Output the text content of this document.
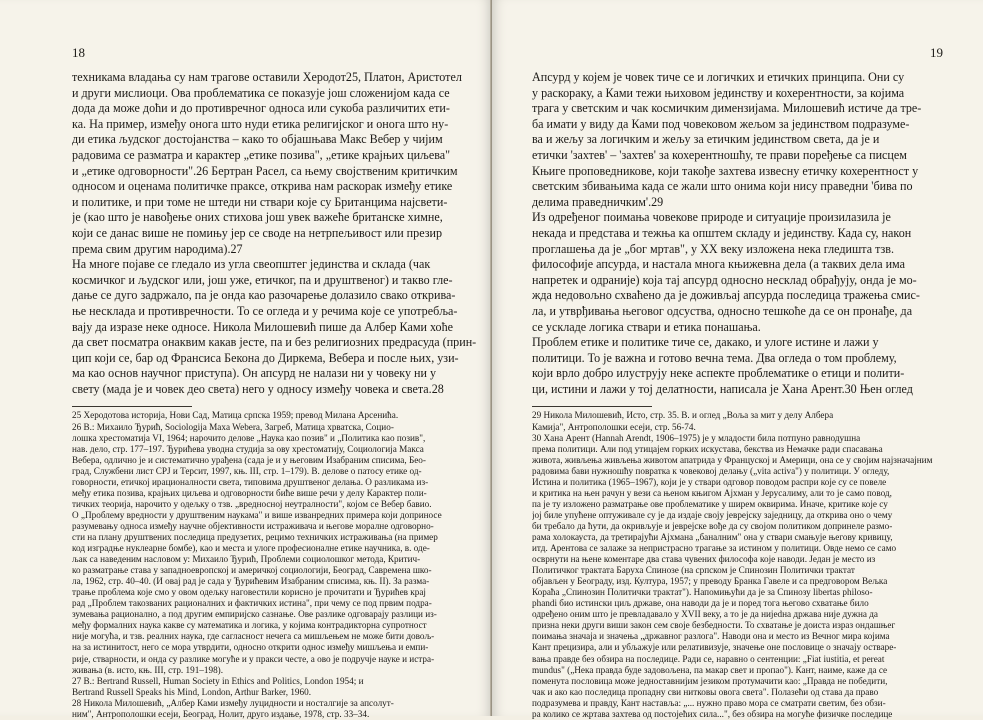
18
техникама владања су нам трагове оставили Херодот25, Платон, Аристотел
и други мислиоци. Ова проблематика се показује још сложенијом када се
дода да може доћи и до противречног односа или сукоба различитих ети-
ка. На пример, између онога што нуди етика религијског и онога што ну-
ди етика људског достојанства – како то објашњава Макс Вебер у чијим
радовима се разматра и карактер „етике позива", „етике крајњих циљева"
и „етике одговорности".26 Бертран Расел, са њему својственим критичким
односом и оценама политичке праксе, открива нам раскорак између етике
и политике, и при томе не штеди ни ствари које су Британцима најсвети-
је (као што је навођење оних стихова још увек важеће британске химне,
који се данас више не помињу јер се своде на нетрпељивост или презир
према свим другим народима).27
На многе појаве се гледало из угла свеопштег јединства и склада (чак
космичког и људског или, још уже, етичког, па и друштвеног) и такво гле-
дање се дуго задржало, па је онда као разочарење долазило свако открива-
ње несклада и противречности. То се огледа и у речима које се употребља-
вају да изразе неке односе. Никола Милошевић пише да Албер Ками хоће
да свет посматра онаквим какав јесте, па и без религиозних предрасуда (прин-
цип који се, бар од Франсиса Бекона до Диркема, Вебера и после њих, узи-
ма као основ научног приступа). Он апсурд не налази ни у човеку ни у
свету (мада је и човек део света) него у односу између човека и света.28
25 Херодотова историја, Нови Сад, Матица српска 1959; превод Милана Арсенића.
26 В.: Михаило Ђурић, Sociologija Maxa Webera, Загреб, Матица хрватска, Социо-
лошка хрестоматија VI, 1964; нарочито делове „Наука као позив" и „Политика као позив",
нав. дело, стр. 177–197. Ђурићева уводна студија за ову хрестоматију, Социологија Макса
Вебера, одлично је и систематично урађена (сада је и у његовим Изабраним списима, Бео-
град, Службени лист СРЈ и Терсит, 1997, књ. III, стр. 1–179). В. делове о патосу етике од-
говорности, етичкој ирационалности света, типовима друштвеног делања. О разликама из-
међу етика позива, крајњих циљева и одговорности биће више речи у делу Карактер поли-
тичких теорија, нарочито у одељку о тзв. „вредносној неутралности", којом се Вебер бавио.
О „Проблему вредности у друштвеним наукама" и више изванредних примера који доприносе
разумевању односа између научне објективности истраживача и његове моралне одговорно-
сти на плану друштвених последица предузетих, рецимо техничких истраживања (на пример
код изградње нуклеарне бомбе), као и места и улоге професионалне етике научника, в. оде-
љак са наведеним насловом у: Михаило Ђурић, Проблеми социолошког метода, Критич-
ко разматрање става у западноевропској и америчкој социологији, Београд, Савремена шко-
ла, 1962, стр. 40–40. (И овај рад је сада у Ђурићевим Изабраним списима, књ. II). За разма-
трање проблема које смо у овом одељку наговестили корисно је прочитати и Ђурићев крај
рад „Проблем такозваних рационалних и фактичких истина", при чему се под првим подра-
зумевања рационално, а под другим емпиријско сазнање. Ове разлике одговарају разлици из-
међу формалних наука какве су математика и логика, у којима контрадикторна супротност
није могућа, и тзв. реалних наука, где сагласност нечега са мишљењем не може бити довољ-
на за истинитост, него се мора утврдити, односно открити однос између мишљења и емпи-
рије, стварности, и онда су разлике могуће и у пракси честе, а ово је подручје науке и истра-
живања (в. исто, књ. III, стр. 191–198).
27 В.: Bertrand Russell, Human Society in Ethics and Politics, London 1954; и
Bertrand Russell Speaks his Mind, London, Arthur Barker, 1960.
28 Никола Милошевић, „Албер Ками између луцидности и носталгије за апсолут-
ним", Антрополошки есеји, Београд, Нолит, друго издање, 1978, стр. 33–34.
19
Апсурд у којем је човек тиче се и логичких и етичких принципа. Они су
у раскораку, а Ками тежи њиховом јединству и кохерентности, за којима
трага у светским и чак космичким димензијама. Милошевић истиче да тре-
ба имати у виду да Ками под човековом жељом за јединством подразуме-
ва и жељу за логичким и жељу за етичким јединством света, да је и
етички 'захтев' – 'захтев' за кохерентношћу, те прави поређење са писцем
Књиге проповедникове, који такође захтева извесну етичку кохерентност у
светским збивањима када се жали што онима који нису праведни 'бива по
делима праведничким'.29
Из одређеног поимања човекове природе и ситуације произилазила је
некада и представа и тежња ка општем складу и јединству. Када су, након
проглашења да је „бог мртав", у XX веку изложена нека гледишта тзв.
философије апсурда, и настала многа књижевна дела (а таквих дела има
напретек и одраније) која тај апсурд односно несклад обрађују, онда је мо-
жда недовољно схваћено да је доживљај апсурда последица тражења смис-
ла, и утврђивања његовог одсуства, односно тешкоће да се он пронађе, да
се ускладе логика ствари и етика понашања.
Проблем етике и политике тиче се, дакако, и улоге истине и лажи у
политици. То је важна и готово вечна тема. Два огледа о том проблему,
који врло добро илуструју неке аспекте проблематике о етици и полити-
ци, истини и лажи у тој делатности, написала је Хана Арент.30 Њен оглед
29 Никола Милошевић, Исто, стр. 35. В. и оглед „Воља за мит у делу Албера
Камија", Антрополошки есеји, стр. 56-74.
30 Хана Арент (Hannah Arendt, 1906–1975) је у младости била потпуно равнодушна
према политици. Али под утицајем горких искустава, бекства из Немачке ради спасавања
живота, живљења живљења животом апатрида у Француској и Америци, она се у својим најзначајним
радовима бави нужношћу повратка к човековој делању („vita activa") у политици. У огледу,
Истина и политика (1965–1967), који је у ствари одговор поводом распри које су се повеле
и критика на њен рачун у вези са њеном књигом Ајхман у Јерусалиму, али то је само повод,
па је ту изложено разматрање ове проблематике у ширем оквирима. Иначе, критике које су
јој биле упућене оптуживале су је да издаје своју јеврејску заједницу, да открива оно о чему
би требало да ћути, да окривљује и јеврејске вође да су својом политиком допринеле размо-
рама холокауста, да третирајући Ајхмана „баналним" она у ствари смањује његову кривицу,
итд. Арентова се залаже за непристрасно трагање за истином у политици. Овде немо се само
осврнути на њене коментаре два става чувених философа које наводи. Један је место из
Политичког трактата Баруха Спинозе (на српском је Спинозин Политички трактат
објављен у Београду, изд. Култура, 1957; у преводу Бранка Гавеле и са предговором Вељка
Кораћа „Спинозин Политички трактат"). Напомињући да је за Спинозу libertas philoso-
phandi био истински циљ државе, она наводи да је и поред тога његово схватање било
одређено оним што је превладавало у XVII веку, а то је да нијedна држава није дужна да
призна неки други виши закон сем своје безбедности. То схватање је доиста израз ондашњег
поимања значаја и значења „државног разлога". Наводи она и место из Вечног мира којима
Кант прецизира, али и убљажује или релативизује, значење оне пословице о значају остваре-
вања правде без обзира на последице. Ради се, наравно о сентенции: „Fiat iustitia, et pereat
mundus" („Нека правда буде задовољена, па макар свет и пропао"). Кант, наиме, каже да се
поменута пословица може једноставнијим језиком протумачити као: „Правда не победити,
чак и ако као последица пропадну сви нитковы овога света". Полазећи од става да право
подразумева и правду, Кант наставља: „... нужно право мора се сматрати светим, без обзи-
ра колико се жртава захтева од постојећих сила...", без обзира на могуће физичке последице
